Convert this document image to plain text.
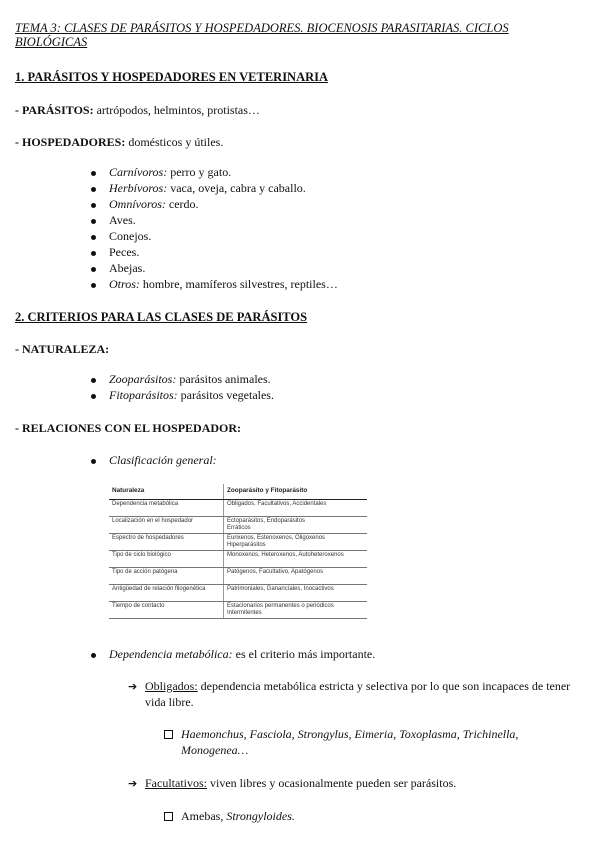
TEMA 3: CLASES DE PARÁSITOS Y HOSPEDADORES. BIOCENOSIS PARASITARIAS. CICLOS BIOLÓGICAS
1. PARÁSITOS Y HOSPEDADORES EN VETERINARIA
- PARÁSITOS: artrópodos, helmintos, protistas…
- HOSPEDADORES: domésticos y útiles.
Carnívoros: perro y gato.
Herbívoros: vaca, oveja, cabra y caballo.
Omnívoros: cerdo.
Aves.
Conejos.
Peces.
Abejas.
Otros: hombre, mamíferos silvestres, reptiles…
2. CRITERIOS PARA LAS CLASES DE PARÁSITOS
- NATURALEZA:
Zooparásitos: parásitos animales.
Fitoparásitos: parásitos vegetales.
- RELACIONES CON EL HOSPEDADOR:
Clasificación general:
Naturaleza	Zooparásito y Fitoparásito
Dependencia metabólica	Obligados, Facultativos, Accidentales
Localización en el hospedador	Ectoparásitos, Endoparásitos
Erráticos
Espectro de hospedadores	Eurixenos, Estenoxenos, Oligoxenos
Hiperparásitos
Tipo de ciclo biológico	Monoxenos, Heteroxenos, Autoheteroxenos
Tipo de acción patógena	Patógenos, Facultativo, Apatógenos
Antigüedad de relación filogenética	Patrimoniales, Ganancíales, Inocactivos
Tiempo de contacto	Estacionarios permanentes o periódicos
Intermitentes
Dependencia metabólica: es el criterio más importante.
➔ Obligados: dependencia metabólica estricta y selectiva por lo que son incapaces de tener
vida libre.
Haemonchus, Fasciola, Strongylus, Eimeria, Toxoplasma, Trichinella,
Monogenea…
➔ Facultativos: viven libres y ocasionalmente pueden ser parásitos.
Amebas, Strongyloides.
